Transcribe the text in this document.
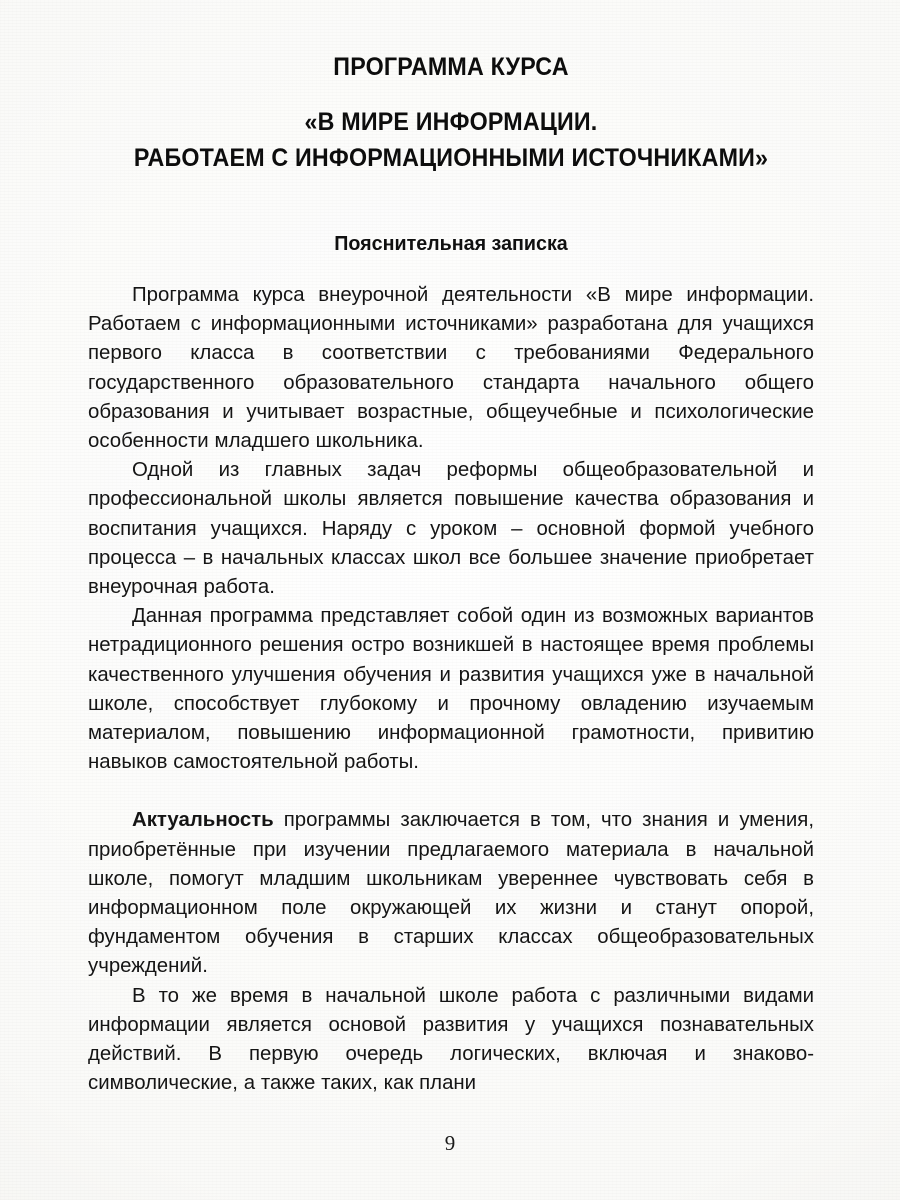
ПРОГРАММА КУРСА
«В МИРЕ ИНФОРМАЦИИ.
РАБОТАЕМ С ИНФОРМАЦИОННЫМИ ИСТОЧНИКАМИ»
Пояснительная записка

Программа курса внеурочной деятельности «В мире информации. Работаем с информационными источниками» разработана для учащихся первого класса в соответствии с требованиями Федерального государственного образовательного стандарта начального общего образования и учитывает возрастные, общеучебные и психологические особенности младшего школьника.

Одной из главных задач реформы общеобразовательной и профессиональной школы является повышение качества образования и воспитания учащихся. Наряду с уроком – основной формой учебного процесса – в начальных классах школ все большее значение приобретает внеурочная работа.

Данная программа представляет собой один из возможных вариантов нетрадиционного решения остро возникшей в настоящее время проблемы качественного улучшения обучения и развития учащихся уже в начальной школе, способствует глубокому и прочному овладению изучаемым материалом, повышению информационной грамотности, привитию навыков самостоятельной работы.

Актуальность программы заключается в том, что знания и умения, приобретённые при изучении предлагаемого материала в начальной школе, помогут младшим школьникам увереннее чувствовать себя в информационном поле окружающей их жизни и станут опорой, фундаментом обучения в старших классах общеобразовательных учреждений.

В то же время в начальной школе работа с различными видами информации является основой развития у учащихся познавательных действий. В первую очередь логических, включая и знаково-символические, а также таких, как плани

9
